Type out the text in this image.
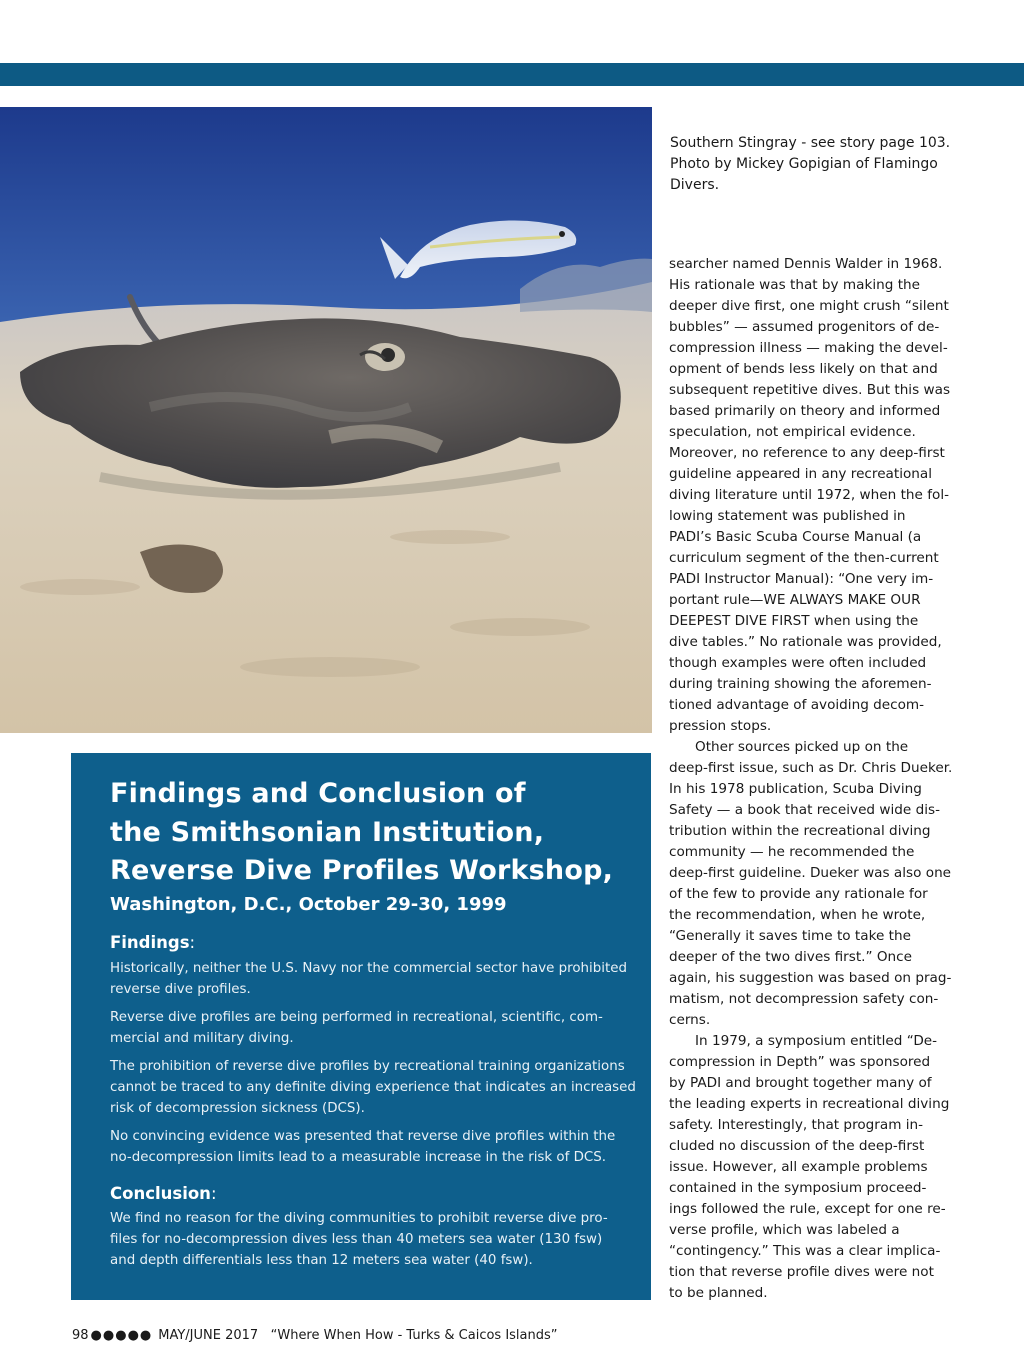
Southern Stingray - see story page 103.
Photo by Mickey Gopigian of Flamingo
Divers.
searcher named Dennis Walder in 1968.
His rationale was that by making the
deeper dive first, one might crush “silent
bubbles” — assumed progenitors of de-
compression illness — making the devel-
opment of bends less likely on that and
subsequent repetitive dives. But this was
based primarily on theory and informed
speculation, not empirical evidence.
Moreover, no reference to any deep-first
guideline appeared in any recreational
diving literature until 1972, when the fol-
lowing statement was published in
PADI’s Basic Scuba Course Manual (a
curriculum segment of the then-current
PADI Instructor Manual): “One very im-
portant rule—WE ALWAYS MAKE OUR
DEEPEST DIVE FIRST when using the
dive tables.” No rationale was provided,
though examples were often included
during training showing the aforemen-
tioned advantage of avoiding decom-
pression stops.
Other sources picked up on the
deep-first issue, such as Dr. Chris Dueker.
In his 1978 publication, Scuba Diving
Safety — a book that received wide dis-
tribution within the recreational diving
community — he recommended the
deep-first guideline. Dueker was also one
of the few to provide any rationale for
the recommendation, when he wrote,
“Generally it saves time to take the
deeper of the two dives first.” Once
again, his suggestion was based on prag-
matism, not decompression safety con-
cerns.
In 1979, a symposium entitled “De-
compression in Depth” was sponsored
by PADI and brought together many of
the leading experts in recreational diving
safety. Interestingly, that program in-
cluded no discussion of the deep-first
issue. However, all example problems
contained in the symposium proceed-
ings followed the rule, except for one re-
verse profile, which was labeled a
“contingency.” This was a clear implica-
tion that reverse profile dives were not
to be planned.
Findings and Conclusion of
the Smithsonian Institution,
Reverse Dive Profiles Workshop,
Washington, D.C., October 29-30, 1999
Findings:
Historically, neither the U.S. Navy nor the commercial sector have prohibited
reverse dive profiles.
Reverse dive profiles are being performed in recreational, scientific, com-
mercial and military diving.
The prohibition of reverse dive profiles by recreational training organizations
cannot be traced to any definite diving experience that indicates an increased
risk of decompression sickness (DCS).
No convincing evidence was presented that reverse dive profiles within the
no-decompression limits lead to a measurable increase in the risk of DCS.
Conclusion:
We find no reason for the diving communities to prohibit reverse dive pro-
files for no-decompression dives less than 40 meters sea water (130 fsw)
and depth differentials less than 12 meters sea water (40 fsw).
98 ●●●●● MAY/JUNE 2017 “Where When How - Turks & Caicos Islands”
